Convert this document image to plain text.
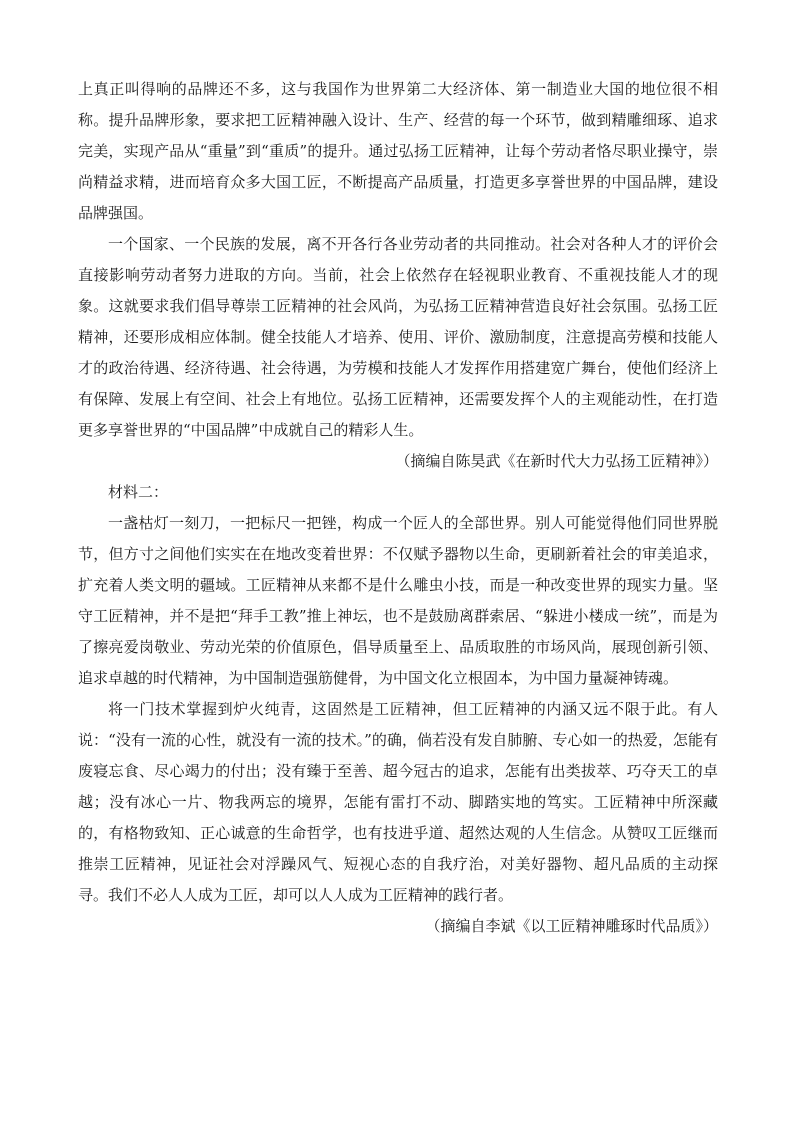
上真正叫得响的品牌还不多，这与我国作为世界第二大经济体、第一制造业大国的地位很不相称。提升品牌形象，要求把工匠精神融入设计、生产、经营的每一个环节，做到精雕细琢、追求完美，实现产品从“重量”到“重质”的提升。通过弘扬工匠精神，让每个劳动者恪尽职业操守，崇尚精益求精，进而培育众多大国工匠，不断提高产品质量，打造更多享誉世界的中国品牌，建设品牌强国。

一个国家、一个民族的发展，离不开各行各业劳动者的共同推动。社会对各种人才的评价会直接影响劳动者努力进取的方向。当前，社会上依然存在轻视职业教育、不重视技能人才的现象。这就要求我们倡导尊崇工匠精神的社会风尚，为弘扬工匠精神营造良好社会氛围。弘扬工匠精神，还要形成相应体制。健全技能人才培养、使用、评价、激励制度，注意提高劳模和技能人才的政治待遇、经济待遇、社会待遇，为劳模和技能人才发挥作用搭建宽广舞台，使他们经济上有保障、发展上有空间、社会上有地位。弘扬工匠精神，还需要发挥个人的主观能动性，在打造更多享誉世界的“中国品牌”中成就自己的精彩人生。

（摘编自陈昊武《在新时代大力弘扬工匠精神》）

材料二：

一盏枯灯一刻刀，一把标尺一把锉，构成一个匠人的全部世界。别人可能觉得他们同世界脱节，但方寸之间他们实实在在地改变着世界：不仅赋予器物以生命，更刷新着社会的审美追求，扩充着人类文明的疆域。工匠精神从来都不是什么雕虫小技，而是一种改变世界的现实力量。坚守工匠精神，并不是把“拜手工教”推上神坛，也不是鼓励离群索居、“躲进小楼成一统”，而是为了擦亮爱岗敬业、劳动光荣的价值原色，倡导质量至上、品质取胜的市场风尚，展现创新引领、追求卓越的时代精神，为中国制造强筋健骨，为中国文化立根固本，为中国力量凝神铸魂。

将一门技术掌握到炉火纯青，这固然是工匠精神，但工匠精神的内涵又远不限于此。有人说：“没有一流的心性，就没有一流的技术。”的确，倘若没有发自肺腑、专心如一的热爱，怎能有废寝忘食、尽心竭力的付出；没有臻于至善、超今冠古的追求，怎能有出类拔萃、巧夺天工的卓越；没有冰心一片、物我两忘的境界，怎能有雷打不动、脚踏实地的笃实。工匠精神中所深藏的，有格物致知、正心诚意的生命哲学，也有技进乎道、超然达观的人生信念。从赞叹工匠继而推崇工匠精神，见证社会对浮躁风气、短视心态的自我疗治，对美好器物、超凡品质的主动探寻。我们不必人人成为工匠，却可以人人成为工匠精神的践行者。

（摘编自李斌《以工匠精神雕琢时代品质》）
